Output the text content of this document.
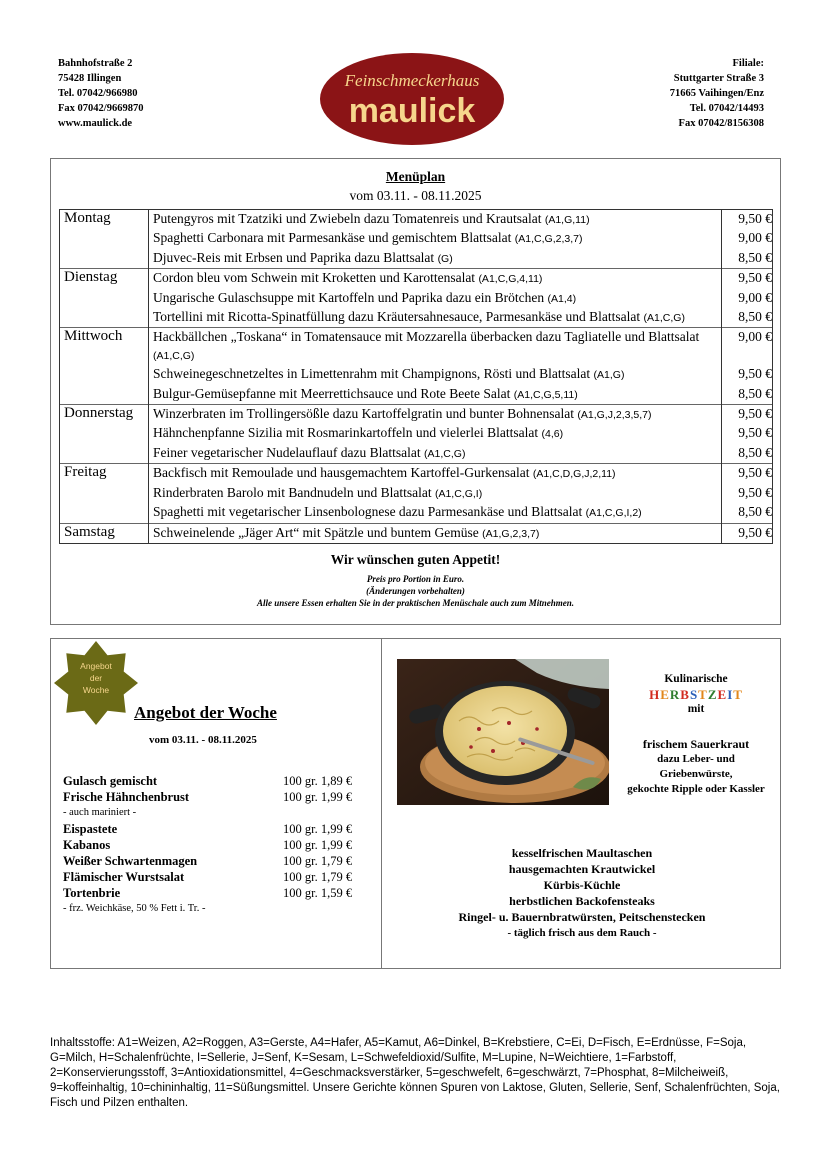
Bahnhofstraße 2
75428 Illingen
Tel. 07042/966980
Fax 07042/9669870
www.maulick.de
Feinschmeckerhaus
maulick
Filiale:
Stuttgarter Straße 3
71665 Vaihingen/Enz
Tel. 07042/14493
Fax 07042/8156308
Menüplan
vom 03.11. - 08.11.2025
Montag	Putengyros mit Tzatziki und Zwiebeln dazu Tomatenreis und Krautsalat (A1,G,11)	9,50 €
	Spaghetti Carbonara mit Parmesankäse und gemischtem Blattsalat (A1,C,G,2,3,7)	9,00 €
	Djuvec-Reis mit Erbsen und Paprika dazu Blattsalat (G)	8,50 €
Dienstag	Cordon bleu vom Schwein mit Kroketten und Karottensalat (A1,C,G,4,11)	9,50 €
	Ungarische Gulaschsuppe mit Kartoffeln und Paprika dazu ein Brötchen (A1,4)	9,00 €
	Tortellini mit Ricotta-Spinatfüllung dazu Kräutersahnesauce, Parmesankäse und Blattsalat (A1,C,G)	8,50 €
Mittwoch	Hackbällchen „Toskana“ in Tomatensauce mit Mozzarella überbacken dazu Tagliatelle und Blattsalat (A1,C,G)	9,00 €
	Schweinegeschnetzeltes in Limettenrahm mit Champignons, Rösti und Blattsalat (A1,G)	9,50 €
	Bulgur-Gemüsepfanne mit Meerrettichsauce und Rote Beete Salat (A1,C,G,5,11)	8,50 €
Donnerstag	Winzerbraten im Trollingersößle dazu Kartoffelgratin und bunter Bohnensalat (A1,G,J,2,3,5,7)	9,50 €
	Hähnchenpfanne Sizilia mit Rosmarinkartoffeln und vielerlei Blattsalat (4,6)	9,50 €
	Feiner vegetarischer Nudelauflauf dazu Blattsalat (A1,C,G)	8,50 €
Freitag	Backfisch mit Remoulade und hausgemachtem Kartoffel-Gurkensalat (A1,C,D,G,J,2,11)	9,50 €
	Rinderbraten Barolo mit Bandnudeln und Blattsalat (A1,C,G,I)	9,50 €
	Spaghetti mit vegetarischer Linsenbolognese dazu Parmesankäse und Blattsalat (A1,C,G,I,2)	8,50 €
Samstag	Schweinelende „Jäger Art“ mit Spätzle und buntem Gemüse (A1,G,2,3,7)	9,50 €
Wir wünschen guten Appetit!
Preis pro Portion in Euro.
(Änderungen vorbehalten)
Alle unsere Essen erhalten Sie in der praktischen Menüschale auch zum Mitnehmen.
Angebot
der
Woche
Angebot der Woche
vom 03.11. - 08.11.2025
Gulasch gemischt	100 gr. 1,89 €
Frische Hähnchenbrust
- auch mariniert -	100 gr. 1,99 €
Eispastete	100 gr. 1,99 €
Kabanos	100 gr. 1,99 €
Weißer Schwartenmagen	100 gr. 1,79 €
Flämischer Wurstsalat	100 gr. 1,79 €
Tortenbrie
- frz. Weichkäse, 50 % Fett i. Tr. -	100 gr. 1,59 €
Kulinarische
HERBSTZEIT
mit
frischem Sauerkraut
dazu Leber- und
Griebenwürste,
gekochte Ripple oder Kassler
kesselfrischen Maultaschen
hausgemachten Krautwickel
Kürbis-Küchle
herbstlichen Backofensteaks
Ringel- u. Bauernbratwürsten, Peitschenstecken
- täglich frisch aus dem Rauch -
Inhaltsstoffe: A1=Weizen, A2=Roggen, A3=Gerste, A4=Hafer, A5=Kamut, A6=Dinkel, B=Krebstiere, C=Ei, D=Fisch, E=Erdnüsse, F=Soja, G=Milch, H=Schalenfrüchte, I=Sellerie, J=Senf, K=Sesam, L=Schwefeldioxid/Sulfite, M=Lupine, N=Weichtiere, 1=Farbstoff, 2=Konservierungsstoff, 3=Antioxidationsmittel, 4=Geschmacksverstärker, 5=geschwefelt, 6=geschwärzt, 7=Phosphat, 8=Milcheiweiß, 9=koffeinhaltig, 10=chininhaltig, 11=Süßungsmittel. Unsere Gerichte können Spuren von Laktose, Gluten, Sellerie, Senf, Schalenfrüchten, Soja, Fisch und Pilzen enthalten.
